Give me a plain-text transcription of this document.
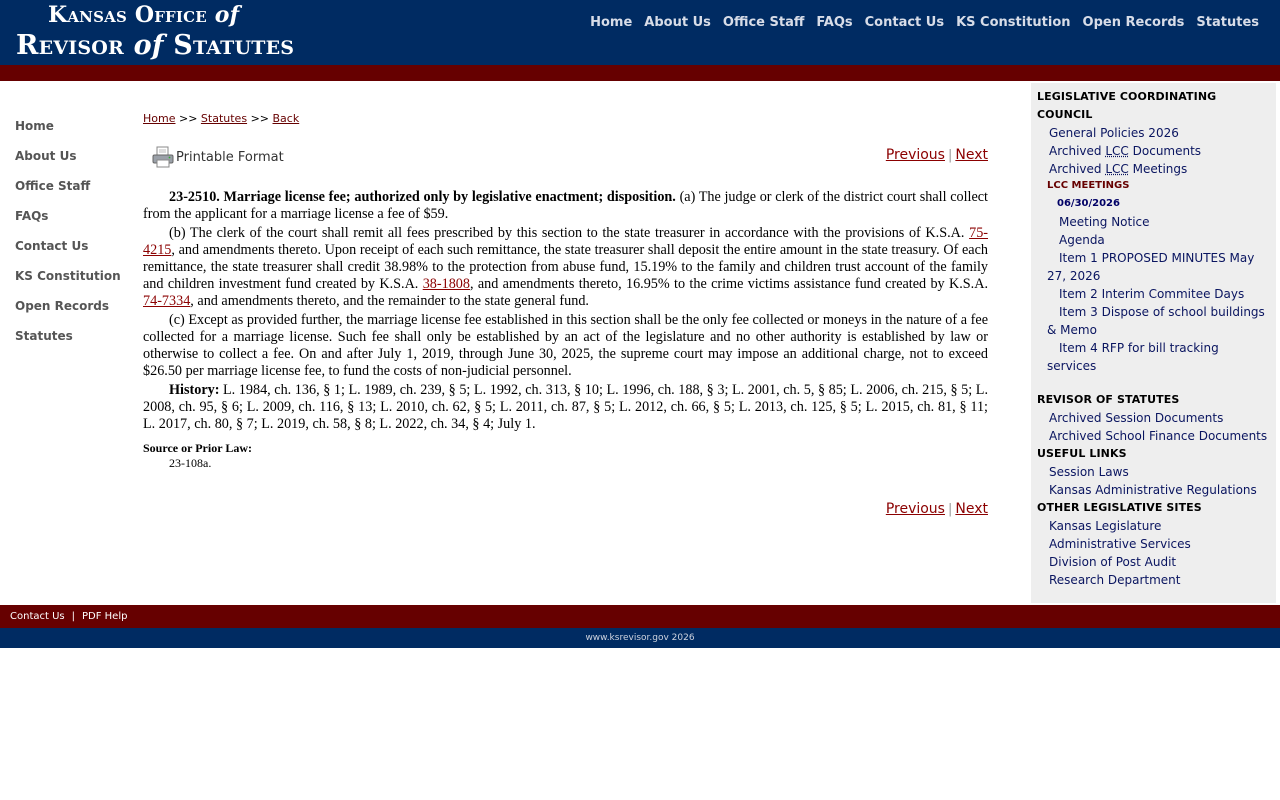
Kansas Office of
Revisor of Statutes
Home About Us Office Staff FAQs Contact Us KS Constitution Open Records Statutes
Home
About Us
Office Staff
FAQs
Contact Us
KS Constitution
Open Records
Statutes
Home >> Statutes >> Back
Printable Format	Previous | Next

23-2510. Marriage license fee; authorized only by legislative enactment; disposition. (a) The judge or clerk of the district court shall collect from the applicant for a marriage license a fee of $59.

(b) The clerk of the court shall remit all fees prescribed by this section to the state treasurer in accordance with the provisions of K.S.A. 75-4215, and amendments thereto. Upon receipt of each such remittance, the state treasurer shall deposit the entire amount in the state treasury. Of each remittance, the state treasurer shall credit 38.98% to the protection from abuse fund, 15.19% to the family and children trust account of the family and children investment fund created by K.S.A. 38-1808, and amendments thereto, 16.95% to the crime victims assistance fund created by K.S.A. 74-7334, and amendments thereto, and the remainder to the state general fund.

(c) Except as provided further, the marriage license fee established in this section shall be the only fee collected or moneys in the nature of a fee collected for a marriage license. Such fee shall only be established by an act of the legislature and no other authority is established by law or otherwise to collect a fee. On and after July 1, 2019, through June 30, 2025, the supreme court may impose an additional charge, not to exceed $26.50 per marriage license fee, to fund the costs of non-judicial personnel.

History: L. 1984, ch. 136, § 1; L. 1989, ch. 239, § 5; L. 1992, ch. 313, § 10; L. 1996, ch. 188, § 3; L. 2001, ch. 5, § 85; L. 2006, ch. 215, § 5; L. 2008, ch. 95, § 6; L. 2009, ch. 116, § 13; L. 2010, ch. 62, § 5; L. 2011, ch. 87, § 5; L. 2012, ch. 66, § 5; L. 2013, ch. 125, § 5; L. 2015, ch. 81, § 11; L. 2017, ch. 80, § 7; L. 2019, ch. 58, § 8; L. 2022, ch. 34, § 4; July 1.

Source or Prior Law:
23-108a.
Previous | Next
LEGISLATIVE COORDINATING COUNCIL
General Policies 2026
Archived LCC Documents
Archived LCC Meetings
LCC MEETINGS
06/30/2026
Meeting Notice
Agenda
Item 1 PROPOSED MINUTES May 27, 2026
Item 2 Interim Commitee Days
Item 3 Dispose of school buildings & Memo
Item 4 RFP for bill tracking services
REVISOR OF STATUTES
Archived Session Documents
Archived School Finance Documents
USEFUL LINKS
Session Laws
Kansas Administrative Regulations
OTHER LEGISLATIVE SITES
Kansas Legislature
Administrative Services
Division of Post Audit
Research Department
Contact Us | PDF Help
www.ksrevisor.gov 2026
